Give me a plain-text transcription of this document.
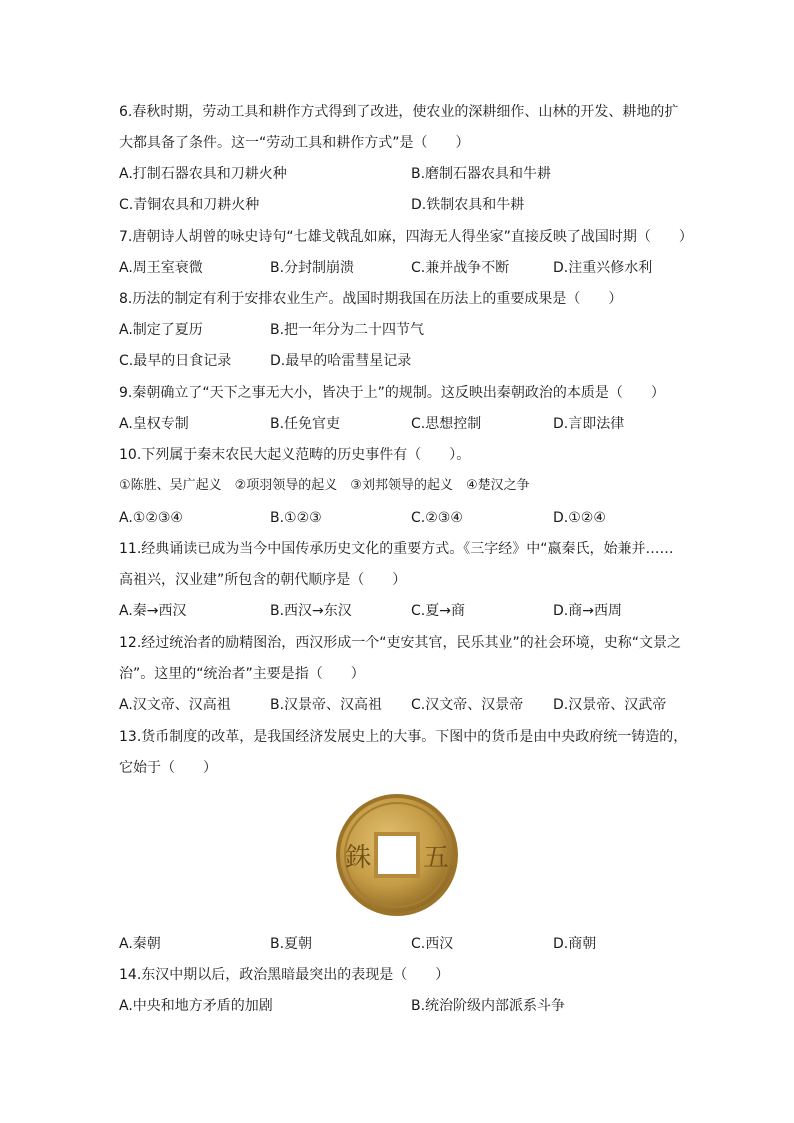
6.春秋时期，劳动工具和耕作方式得到了改进，使农业的深耕细作、山林的开发、耕地的扩
大都具备了条件。这一“劳动工具和耕作方式”是（　　）
A.打制石器农具和刀耕火种	B.磨制石器农具和牛耕
C.青铜农具和刀耕火种	D.铁制农具和牛耕
7.唐朝诗人胡曾的咏史诗句“七雄戈戟乱如麻，四海无人得坐家”直接反映了战国时期（　　）
A.周王室衰微	B.分封制崩溃	C.兼并战争不断	D.注重兴修水利
8.历法的制定有利于安排农业生产。战国时期我国在历法上的重要成果是（　　）
A.制定了夏历	B.把一年分为二十四节气
C.最早的日食记录	D.最早的哈雷彗星记录
9.秦朝确立了“天下之事无大小，皆决于上”的规制。这反映出秦朝政治的本质是（　　）
A.皇权专制	B.任免官吏	C.思想控制	D.言即法律
10.下列属于秦末农民大起义范畴的历史事件有（　　）。
①陈胜、吴广起义　②项羽领导的起义　③刘邦领导的起义　④楚汉之争
A.①②③④	B.①②③	C.②③④	D.①②④
11.经典诵读已成为当今中国传承历史文化的重要方式。《三字经》中“嬴秦氏，始兼并……
高祖兴，汉业建”所包含的朝代顺序是（　　）
A.秦→西汉	B.西汉→东汉	C.夏→商	D.商→西周
12.经过统治者的励精图治，西汉形成一个“吏安其官，民乐其业”的社会环境，史称“文景之
治”。这里的“统治者”主要是指（　　）
A.汉文帝、汉高祖	B.汉景帝、汉高祖 C.汉文帝、汉景帝 D.汉景帝、汉武帝
13.货币制度的改革，是我国经济发展史上的大事。下图中的货币是由中央政府统一铸造的，
它始于（　　）
銖 五
A.秦朝	B.夏朝	C.西汉	D.商朝
14.东汉中期以后，政治黑暗最突出的表现是（　　）
A.中央和地方矛盾的加剧	B.统治阶级内部派系斗争
